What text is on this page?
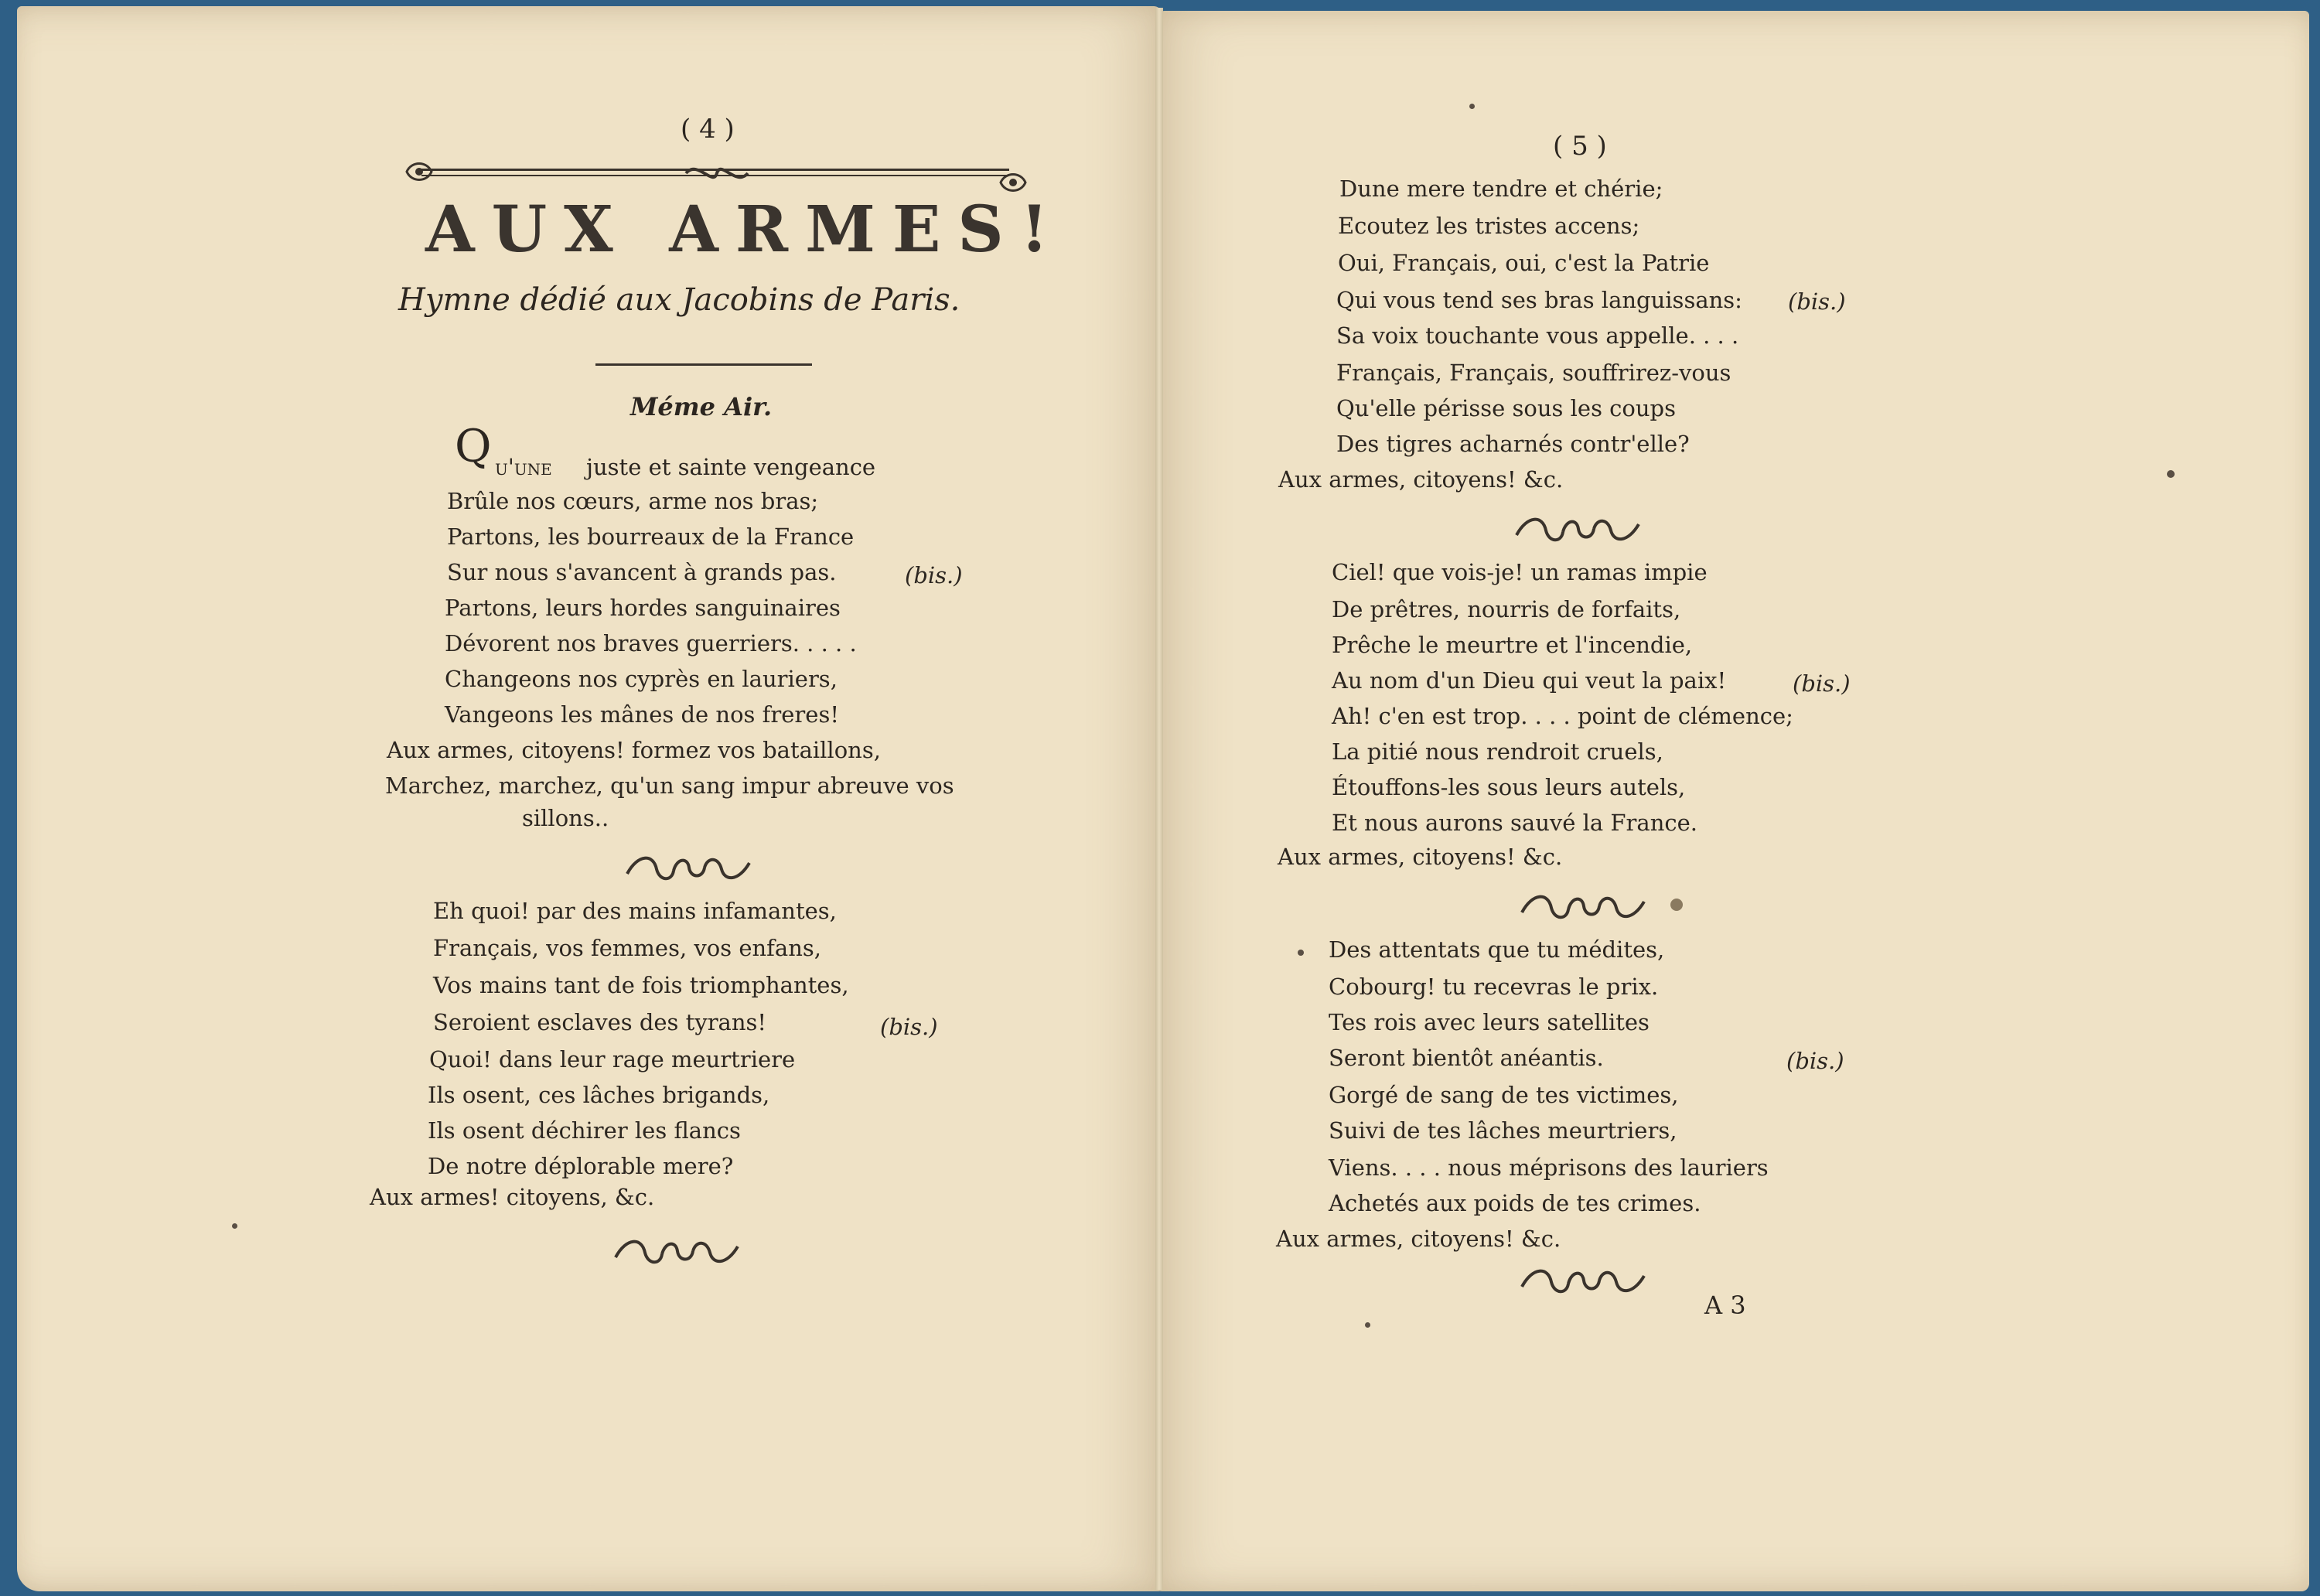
( 4 )
AUX ARMES!
Hymne dédié aux Jacobins de Paris.
Méme Air.
Q u'une juste et sainte vengeance
Brûle nos cœurs, arme nos bras;
Partons, les bourreaux de la France
Sur nous s'avancent à grands pas.	(bis.)
Partons, leurs hordes sanguinaires
Dévorent nos braves guerriers. . . . .
Changeons nos cyprès en lauriers,
Vangeons les mânes de nos freres!
Aux armes, citoyens! formez vos bataillons,
Marchez, marchez, qu'un sang impur abreuve vos
sillons..
Eh quoi! par des mains infamantes,
Français, vos femmes, vos enfans,
Vos mains tant de fois triomphantes,
Seroient esclaves des tyrans!	(bis.)
Quoi! dans leur rage meurtriere
Ils osent, ces lâches brigands,
Ils osent déchirer les flancs
De notre déplorable mere?
Aux armes! citoyens, &c.
( 5 )
Dune mere tendre et chérie;
Ecoutez les tristes accens;
Oui, Français, oui, c'est la Patrie
Qui vous tend ses bras languissans: (bis.)
Sa voix touchante vous appelle. . . .
Français, Français, souffrirez-vous
Qu'elle périsse sous les coups
Des tigres acharnés contr'elle?
Aux armes, citoyens! &c.
Ciel! que vois-je! un ramas impie
De prêtres, nourris de forfaits,
Prêche le meurtre et l'incendie,
Au nom d'un Dieu qui veut la paix!	(bis.)
Ah! c'en est trop. . . . point de clémence;
La pitié nous rendroit cruels,
Étouffons-les sous leurs autels,
Et nous aurons sauvé la France.
Aux armes, citoyens! &c.
Des attentats que tu médites,
Cobourg! tu recevras le prix.
Tes rois avec leurs satellites
Seront bientôt anéantis.	(bis.)
Gorgé de sang de tes victimes,
Suivi de tes lâches meurtriers,
Viens. . . . nous méprisons des lauriers
Achetés aux poids de tes crimes.
Aux armes, citoyens! &c.
A 3
